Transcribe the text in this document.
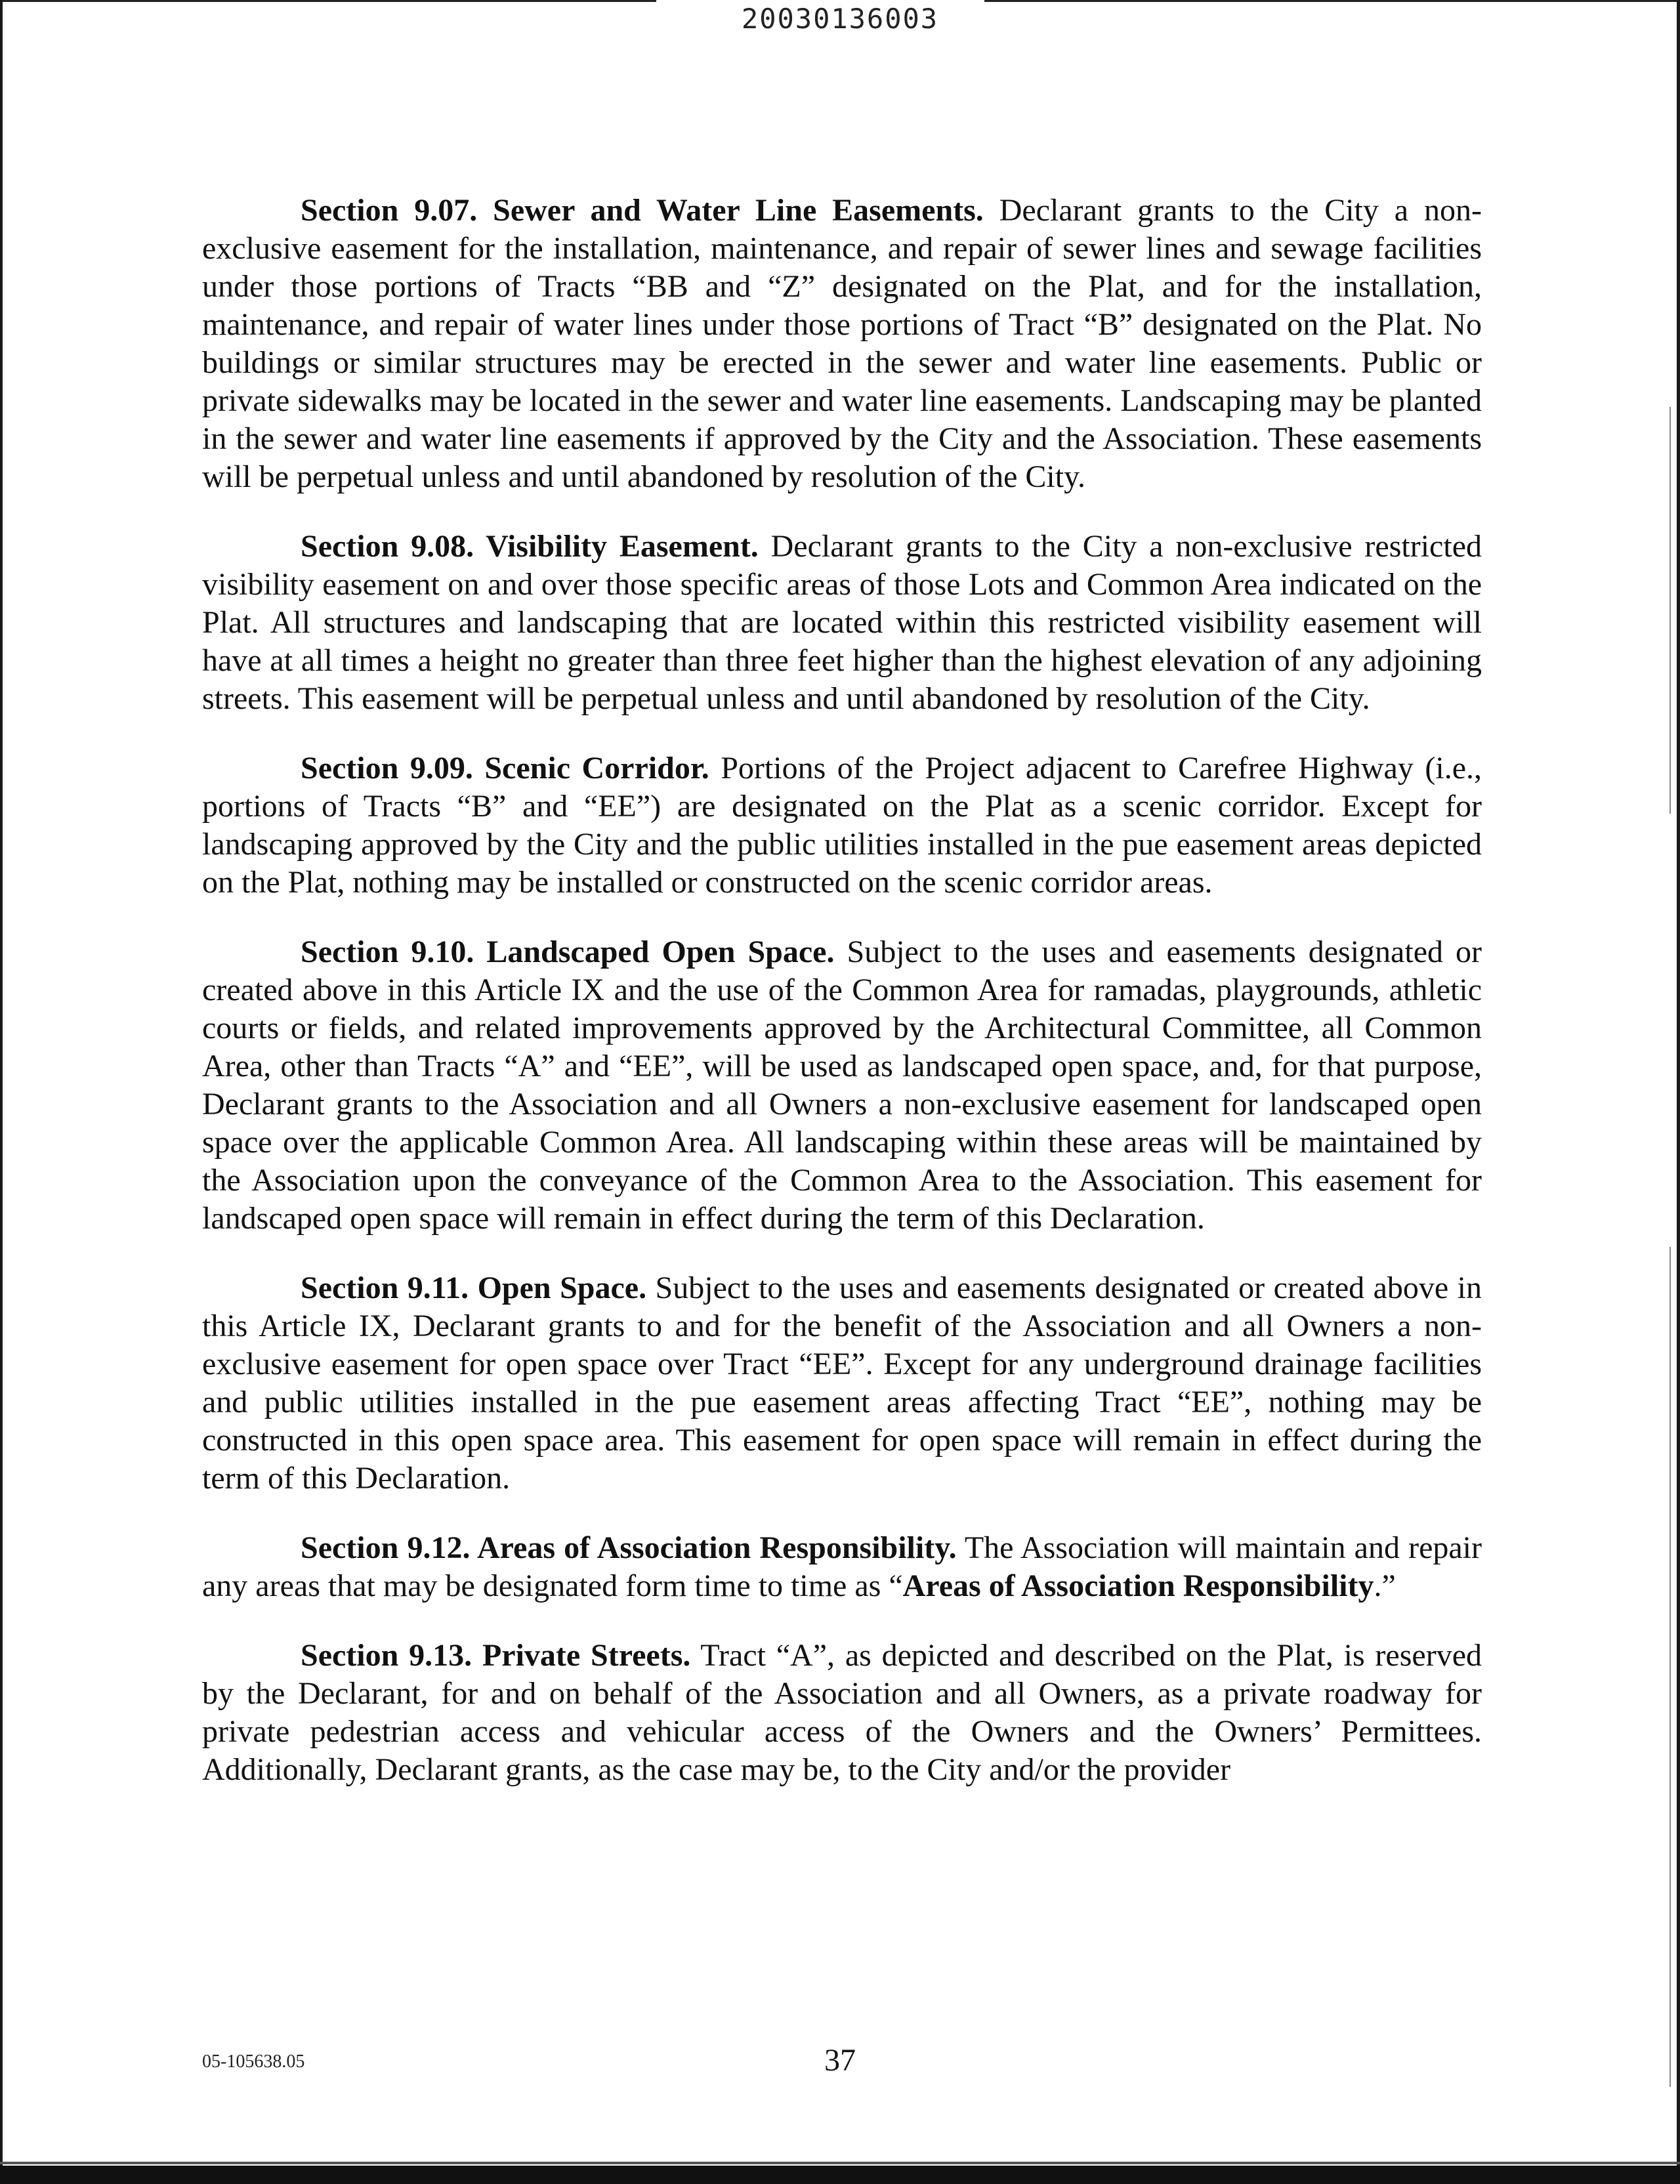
20030136003

Section 9.07. Sewer and Water Line Easements. Declarant grants to the City a non-exclusive easement for the installation, maintenance, and repair of sewer lines and sewage facilities under those portions of Tracts “BB and “Z” designated on the Plat, and for the installation, maintenance, and repair of water lines under those portions of Tract “B” designated on the Plat. No buildings or similar structures may be erected in the sewer and water line easements. Public or private sidewalks may be located in the sewer and water line easements. Landscaping may be planted in the sewer and water line easements if approved by the City and the Association. These easements will be perpetual unless and until abandoned by resolution of the City.

Section 9.08. Visibility Easement. Declarant grants to the City a non-exclusive restricted visibility easement on and over those specific areas of those Lots and Common Area indicated on the Plat. All structures and landscaping that are located within this restricted visibility easement will have at all times a height no greater than three feet higher than the highest elevation of any adjoining streets. This easement will be perpetual unless and until abandoned by resolution of the City.

Section 9.09. Scenic Corridor. Portions of the Project adjacent to Carefree Highway (i.e., portions of Tracts “B” and “EE”) are designated on the Plat as a scenic corridor. Except for landscaping approved by the City and the public utilities installed in the pue easement areas depicted on the Plat, nothing may be installed or constructed on the scenic corridor areas.

Section 9.10. Landscaped Open Space. Subject to the uses and easements designated or created above in this Article IX and the use of the Common Area for ramadas, playgrounds, athletic courts or fields, and related improvements approved by the Architectural Committee, all Common Area, other than Tracts “A” and “EE”, will be used as landscaped open space, and, for that purpose, Declarant grants to the Association and all Owners a non-exclusive easement for landscaped open space over the applicable Common Area. All landscaping within these areas will be maintained by the Association upon the conveyance of the Common Area to the Association. This easement for landscaped open space will remain in effect during the term of this Declaration.

Section 9.11. Open Space. Subject to the uses and easements designated or created above in this Article IX, Declarant grants to and for the benefit of the Association and all Owners a non-exclusive easement for open space over Tract “EE”. Except for any underground drainage facilities and public utilities installed in the pue easement areas affecting Tract “EE”, nothing may be constructed in this open space area. This easement for open space will remain in effect during the term of this Declaration.

Section 9.12. Areas of Association Responsibility. The Association will maintain and repair any areas that may be designated form time to time as “Areas of Association Responsibility.”

Section 9.13. Private Streets. Tract “A”, as depicted and described on the Plat, is reserved by the Declarant, for and on behalf of the Association and all Owners, as a private roadway for private pedestrian access and vehicular access of the Owners and the Owners’ Permittees. Additionally, Declarant grants, as the case may be, to the City and/or the provider

05-105638.05	37
